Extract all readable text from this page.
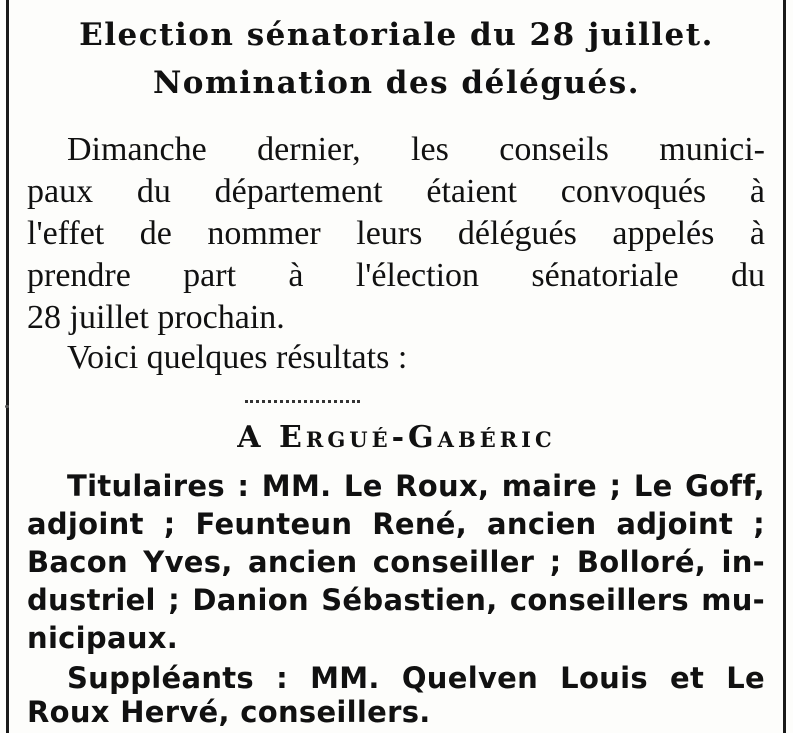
Election sénatoriale du 28 juillet.
Nomination des délégués.
Dimanche dernier, les conseils munici-
paux du département étaient convoqués à
l'effet de nommer leurs délégués appelés à
prendre part à l'élection sénatoriale du
28 juillet prochain.
Voici quelques résultats :
A Ergué-Gabéric
Titulaires : MM. Le Roux, maire ; Le Goff,
adjoint ; Feunteun René, ancien adjoint ;
Bacon Yves, ancien conseiller ; Bolloré, in-
dustriel ; Danion Sébastien, conseillers mu-
nicipaux.
Suppléants : MM. Quelven Louis et Le
Roux Hervé, conseillers.
